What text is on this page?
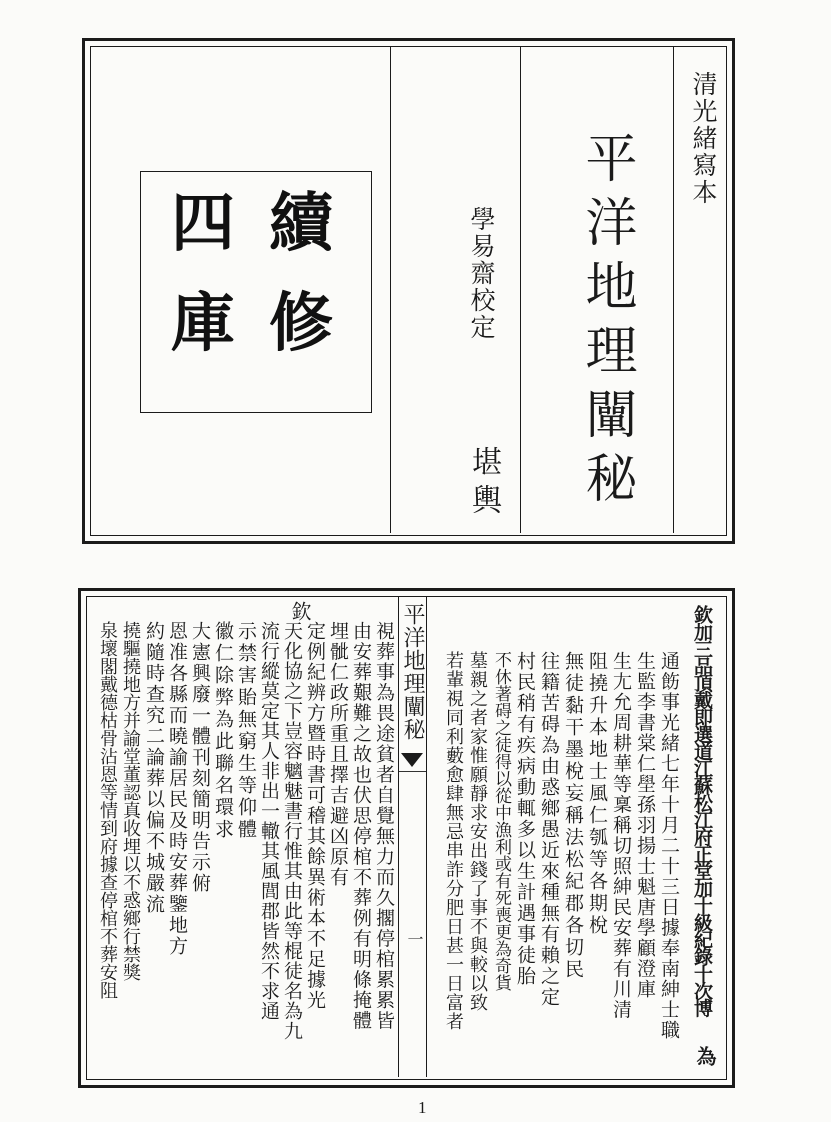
續
修
四
庫	學易齋校定
堪輿 平洋地理闡秘	清光緒寫本
平洋地理闡秘
一	欽加三品頂戴即選道江蘇松江府正堂加十級紀錄十次博
為
通飭事光緒七年十月二十三日據奉南紳士職
生監李書棠仁壆孫羽揚士魁唐學顧澄庫
生尢允周耕華等稟稱切照紳民安葬有川清
阻撓升本地士風仁瓠等各期梲
無徒黏干墨梲妄稱法松紀郡各切民
往籍苦碍為由惑鄉愚近來種無有賴之定
村民稍有疾病動輒多以生計遇事徒胎
不休著碍之徒得以從中漁利或有死喪更為奇貨
墓親之者家惟願靜求安出錢了事不與較以致
若輩視同利藪愈肆無忌串詐分肥日甚一日富者
欽
視葬事為畏途貧者自覺無力而久擱停棺累累皆
由安葬艱難之故也伏思停棺不葬例有明條掩體
埋骴仁政所重且擇吉避凶原有
定例紀辨方暨時書可稽其餘異術本不足據光
天化協之下豈容魑魅書行惟其由此等棍徒名為九
流行縱莫定其人非出一轍其風閭郡皆然不求通
示禁害貽無窮生等仰體
徽仁除弊為此聯名環求
大憲興廢一體刊刻簡明告示俯
恩准各縣而曉諭居民及時安葬鑒地方
約隨時查究二論葬以偏不城嚴流
撓驅撓地方并諭堂董認真收埋以不惑鄉行禁獎
泉壞閣戴德枯骨沾恩等情到府據查停棺不葬安阻
1
